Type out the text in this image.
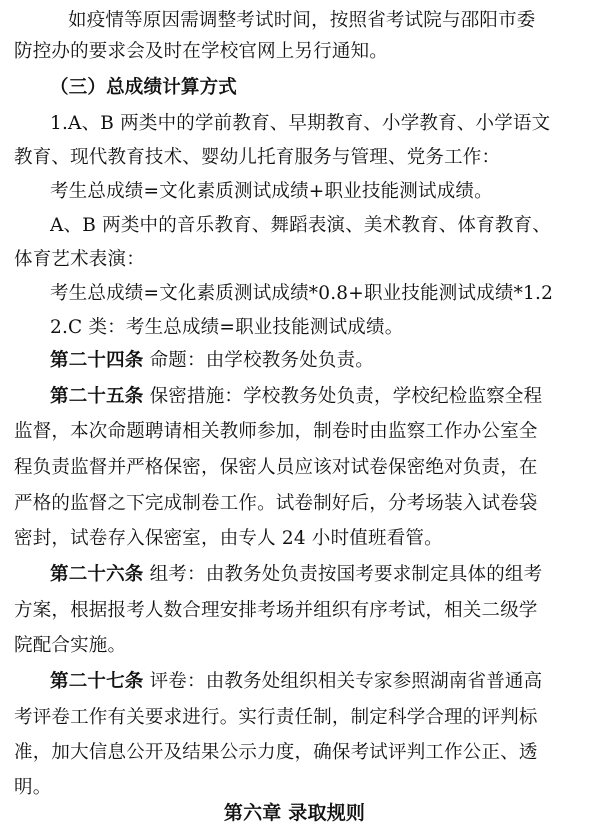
如疫情等原因需调整考试时间，按照省考试院与邵阳市委
防控办的要求会及时在学校官网上另行通知。
（三）总成绩计算方式
1.A、B 两类中的学前教育、早期教育、小学教育、小学语文
教育、现代教育技术、婴幼儿托育服务与管理、党务工作：
考生总成绩=文化素质测试成绩+职业技能测试成绩。
A、B 两类中的音乐教育、舞蹈表演、美术教育、体育教育、
体育艺术表演：
考生总成绩=文化素质测试成绩*0.8+职业技能测试成绩*1.2
2.C 类：考生总成绩=职业技能测试成绩。
第二十四条 命题：由学校教务处负责。
第二十五条 保密措施：学校教务处负责，学校纪检监察全程
监督，本次命题聘请相关教师参加，制卷时由监察工作办公室全
程负责监督并严格保密，保密人员应该对试卷保密绝对负责，在
严格的监督之下完成制卷工作。试卷制好后，分考场装入试卷袋
密封，试卷存入保密室，由专人 24 小时值班看管。
第二十六条 组考：由教务处负责按国考要求制定具体的组考
方案，根据报考人数合理安排考场并组织有序考试，相关二级学
院配合实施。
第二十七条 评卷：由教务处组织相关专家参照湖南省普通高
考评卷工作有关要求进行。实行责任制，制定科学合理的评判标
准，加大信息公开及结果公示力度，确保考试评判工作公正、透
明。
第六章 录取规则
